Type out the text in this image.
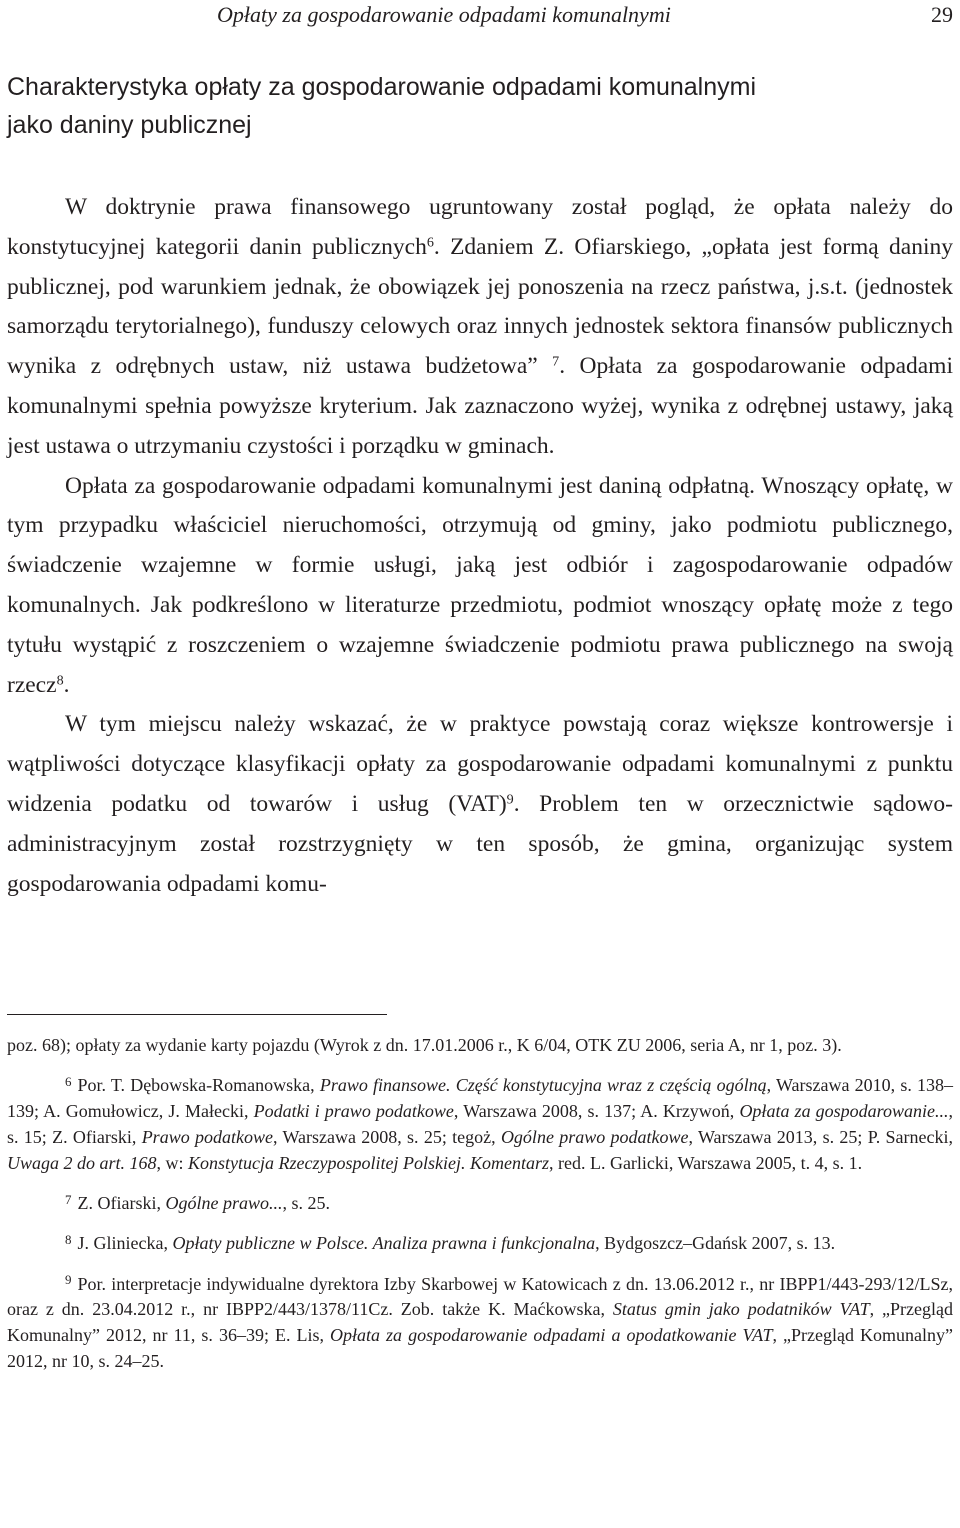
Opłaty za gospodarowanie odpadami komunalnymi	29
Charakterystyka opłaty za gospodarowanie odpadami komunalnymi
jako daniny publicznej

W doktrynie prawa finansowego ugruntowany został pogląd, że opłata należy do konstytucyjnej kategorii danin publicznych$^6$. Zdaniem Z. Ofiarskiego, „opłata jest formą daniny publicznej, pod warunkiem jednak, że obowiązek jej ponoszenia na rzecz państwa, j.s.t. (jednostek samorządu terytorialnego), funduszy celowych oraz innych jednostek sektora finansów publicznych wynika z odrębnych ustaw, niż ustawa budżetowa” $^7$. Opłata za gospodarowanie odpadami komunalnymi spełnia powyższe kryterium. Jak zaznaczono wyżej, wynika z odrębnej ustawy, jaką jest ustawa o utrzymaniu czystości i porządku w gminach.

Opłata za gospodarowanie odpadami komunalnymi jest daniną odpłatną. Wnoszący opłatę, w tym przypadku właściciel nieruchomości, otrzymują od gminy, jako podmiotu publicznego, świadczenie wzajemne w formie usługi, jaką jest odbiór i zagospodarowanie odpadów komunalnych. Jak podkreślono w literaturze przedmiotu, podmiot wnoszący opłatę może z tego tytułu wystąpić z roszczeniem o wzajemne świadczenie podmiotu prawa publicznego na swoją rzecz$^8$.

W tym miejscu należy wskazać, że w praktyce powstają coraz większe kontrowersje i wątpliwości dotyczące klasyfikacji opłaty za gospodarowanie odpadami komunalnymi z punktu widzenia podatku od towarów i usług (VAT)$^9$. Problem ten w orzecznictwie sądowo-administracyjnym został rozstrzygnięty w ten sposób, że gmina, organizując system gospodarowania odpadami komu-

poz. 68); opłaty za wydanie karty pojazdu (Wyrok z dn. 17.01.2006 r., K 6/04, OTK ZU 2006, seria A, nr 1, poz. 3).

$^6$ Por. T. Dębowska-Romanowska, Prawo finansowe. Część konstytucyjna wraz z częścią ogólną, Warszawa 2010, s. 138–139; A. Gomułowicz, J. Małecki, Podatki i prawo podatkowe, Warszawa 2008, s. 137; A. Krzywoń, Opłata za gospodarowanie..., s. 15; Z. Ofiarski, Prawo podatkowe, Warszawa 2008, s. 25; tegoż, Ogólne prawo podatkowe, Warszawa 2013, s. 25; P. Sarnecki, Uwaga 2 do art. 168, w: Konstytucja Rzeczypospolitej Polskiej. Komentarz, red. L. Garlicki, Warszawa 2005, t. 4, s. 1.

$^7$ Z. Ofiarski, Ogólne prawo..., s. 25.

$^8$ J. Gliniecka, Opłaty publiczne w Polsce. Analiza prawna i funkcjonalna, Bydgoszcz–Gdańsk 2007, s. 13.

$^9$ Por. interpretacje indywidualne dyrektora Izby Skarbowej w Katowicach z dn. 13.06.2012 r., nr IBPP1/443-293/12/LSz, oraz z dn. 23.04.2012 r., nr IBPP2/443/1378/11Cz. Zob. także K. Maćkowska, Status gmin jako podatników VAT, „Przegląd Komunalny” 2012, nr 11, s. 36–39; E. Lis, Opłata za gospodarowanie odpadami a opodatkowanie VAT, „Przegląd Komunalny” 2012, nr 10, s. 24–25.
